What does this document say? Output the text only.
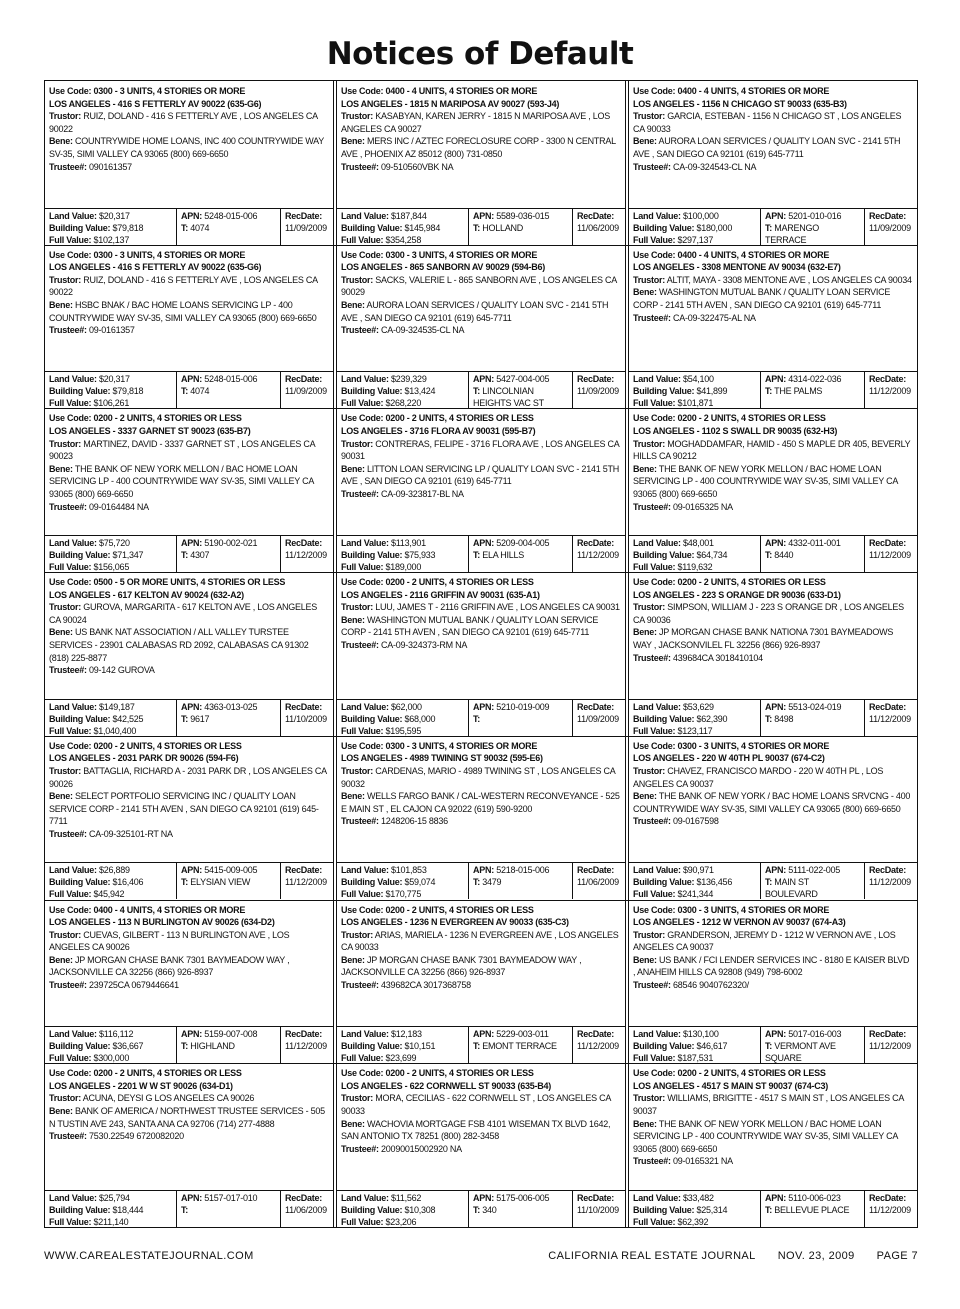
Notices of Default
Use Code: 0300 - 3 UNITS, 4 STORIES OR MORE
LOS ANGELES - 416 S FETTERLY AV 90022 (635-G6)
Trustor: RUIZ, DOLAND - 416 S FETTERLY AVE , LOS ANGELES CA 90022
Bene: COUNTRYWIDE HOME LOANS, INC 400 COUNTRYWIDE WAY SV-35, SIMI VALLEY CA 93065 (800) 669-6650
Trustee#: 090161357
Land Value: $20,317
Building Value: $79,818
Full Value: $102,137
APN: 5248-015-006
T: 4074
RecDate:
11/09/2009
Use Code: 0300 - 3 UNITS, 4 STORIES OR MORE
LOS ANGELES - 416 S FETTERLY AV 90022 (635-G6)
Trustor: RUIZ, DOLAND - 416 S FETTERLY AVE , LOS ANGELES CA 90022
Bene: HSBC BNAK / BAC HOME LOANS SERVICING LP - 400 COUNTRYWIDE WAY SV-35, SIMI VALLEY CA 93065 (800) 669-6650
Trustee#: 09-0161357
Land Value: $20,317
Building Value: $79,818
Full Value: $106,261
APN: 5248-015-006
T: 4074
RecDate:
11/09/2009
Use Code: 0200 - 2 UNITS, 4 STORIES OR LESS
LOS ANGELES - 3337 GARNET ST 90023 (635-B7)
Trustor: MARTINEZ, DAVID - 3337 GARNET ST , LOS ANGELES CA 90023
Bene: THE BANK OF NEW YORK MELLON / BAC HOME LOAN SERVICING LP - 400 COUNTRYWIDE WAY SV-35, SIMI VALLEY CA 93065 (800) 669-6650
Trustee#: 09-0164484 NA
Land Value: $75,720
Building Value: $71,347
Full Value: $156,065
APN: 5190-002-021
T: 4307
RecDate:
11/12/2009
Use Code: 0500 - 5 OR MORE UNITS, 4 STORIES OR LESS
LOS ANGELES - 617 KELTON AV 90024 (632-A2)
Trustor: GUROVA, MARGARITA - 617 KELTON AVE , LOS ANGELES CA 90024
Bene: US BANK NAT ASSOCIATION / ALL VALLEY TURSTEE SERVICES - 23901 CALABASAS RD 2092, CALABASAS CA 91302 (818) 225-8877
Trustee#: 09-142 GUROVA
Land Value: $149,187
Building Value: $42,525
Full Value: $1,040,400
APN: 4363-013-025
T: 9617
RecDate:
11/10/2009
Use Code: 0200 - 2 UNITS, 4 STORIES OR LESS
LOS ANGELES - 2031 PARK DR 90026 (594-F6)
Trustor: BATTAGLIA, RICHARD A - 2031 PARK DR , LOS ANGELES CA 90026
Bene: SELECT PORTFOLIO SERVICING INC / QUALITY LOAN SERVICE CORP - 2141 5TH AVEN , SAN DIEGO CA 92101 (619) 645-7711
Trustee#: CA-09-325101-RT NA
Land Value: $26,889
Building Value: $16,406
Full Value: $45,942
APN: 5415-009-005
T: ELYSIAN VIEW
RecDate:
11/12/2009
Use Code: 0400 - 4 UNITS, 4 STORIES OR MORE
LOS ANGELES - 113 N BURLINGTON AV 90026 (634-D2)
Trustor: CUEVAS, GILBERT - 113 N BURLINGTON AVE , LOS ANGELES CA 90026
Bene: JP MORGAN CHASE BANK 7301 BAYMEADOW WAY , JACKSONVILLE CA 32256 (866) 926-8937
Trustee#: 239725CA 0679446641
Land Value: $116,112
Building Value: $36,667
Full Value: $300,000
APN: 5159-007-008
T: HIGHLAND
RecDate:
11/12/2009
Use Code: 0200 - 2 UNITS, 4 STORIES OR LESS
LOS ANGELES - 2201 W W ST 90026 (634-D1)
Trustor: ACUNA, DEYSI G LOS ANGELES CA 90026
Bene: BANK OF AMERICA / NORTHWEST TRUSTEE SERVICES - 505 N TUSTIN AVE 243, SANTA ANA CA 92706 (714) 277-4888
Trustee#: 7530.22549 6720082020
Land Value: $25,794
Building Value: $18,444
Full Value: $211,140
APN: 5157-017-010
T:
RecDate:
11/06/2009
Use Code: 0400 - 4 UNITS, 4 STORIES OR MORE
LOS ANGELES - 1815 N MARIPOSA AV 90027 (593-J4)
Trustor: KASABYAN, KAREN JERRY - 1815 N MARIPOSA AVE , LOS ANGELES CA 90027
Bene: MERS INC / AZTEC FORECLOSURE CORP - 3300 N CENTRAL AVE , PHOENIX AZ 85012 (800) 731-0850
Trustee#: 09-510560VBK NA
Land Value: $187,844
Building Value: $145,984
Full Value: $354,258
APN: 5589-036-015
T: HOLLAND
RecDate:
11/06/2009
Use Code: 0300 - 3 UNITS, 4 STORIES OR MORE
LOS ANGELES - 865 SANBORN AV 90029 (594-B6)
Trustor: SACKS, VALERIE L - 865 SANBORN AVE , LOS ANGELES CA 90029
Bene: AURORA LOAN SERVICES / QUALITY LOAN SVC - 2141 5TH AVE , SAN DIEGO CA 92101 (619) 645-7711
Trustee#: CA-09-324535-CL NA
Land Value: $239,329
Building Value: $13,424
Full Value: $268,220
APN: 5427-004-005
T: LINCOLNIAN HEIGHTS VAC ST
RecDate:
11/09/2009
Use Code: 0200 - 2 UNITS, 4 STORIES OR LESS
LOS ANGELES - 3716 FLORA AV 90031 (595-B7)
Trustor: CONTRERAS, FELIPE - 3716 FLORA AVE , LOS ANGELES CA 90031
Bene: LITTON LOAN SERVICING LP / QUALITY LOAN SVC - 2141 5TH AVE , SAN DIEGO CA 92101 (619) 645-7711
Trustee#: CA-09-323817-BL NA
Land Value: $113,901
Building Value: $75,933
Full Value: $189,000
APN: 5209-004-005
T: ELA HILLS
RecDate:
11/12/2009
Use Code: 0200 - 2 UNITS, 4 STORIES OR LESS
LOS ANGELES - 2116 GRIFFIN AV 90031 (635-A1)
Trustor: LUU, JAMES T - 2116 GRIFFIN AVE , LOS ANGELES CA 90031
Bene: WASHINGTON MUTUAL BANK / QUALITY LOAN SERVICE CORP - 2141 5TH AVEN , SAN DIEGO CA 92101 (619) 645-7711
Trustee#: CA-09-324373-RM NA
Land Value: $62,000
Building Value: $68,000
Full Value: $195,595
APN: 5210-019-009
T:
RecDate:
11/09/2009
Use Code: 0300 - 3 UNITS, 4 STORIES OR MORE
LOS ANGELES - 4989 TWINING ST 90032 (595-E6)
Trustor: CARDENAS, MARIO - 4989 TWINING ST , LOS ANGELES CA 90032
Bene: WELLS FARGO BANK / CAL-WESTERN RECONVEYANCE - 525 E MAIN ST , EL CAJON CA 92022 (619) 590-9200
Trustee#: 1248206-15 8836
Land Value: $101,853
Building Value: $59,074
Full Value: $170,775
APN: 5218-015-006
T: 3479
RecDate:
11/06/2009
Use Code: 0200 - 2 UNITS, 4 STORIES OR LESS
LOS ANGELES - 1236 N EVERGREEN AV 90033 (635-C3)
Trustor: ARIAS, MARIELA - 1236 N EVERGREEN AVE , LOS ANGELES CA 90033
Bene: JP MORGAN CHASE BANK 7301 BAYMEADOW WAY , JACKSONVILLE CA 32256 (866) 926-8937
Trustee#: 439682CA 3017368758
Land Value: $12,183
Building Value: $10,151
Full Value: $23,699
APN: 5229-003-011
T: EMONT TERRACE
RecDate:
11/12/2009
Use Code: 0200 - 2 UNITS, 4 STORIES OR LESS
LOS ANGELES - 622 CORNWELL ST 90033 (635-B4)
Trustor: MORA, CECILIAS - 622 CORNWELL ST , LOS ANGELES CA 90033
Bene: WACHOVIA MORTGAGE FSB 4101 WISEMAN TX BLVD 1642, SAN ANTONIO TX 78251 (800) 282-3458
Trustee#: 20090015002920 NA
Land Value: $11,562
Building Value: $10,308
Full Value: $23,206
APN: 5175-006-005
T: 340
RecDate:
11/10/2009
Use Code: 0400 - 4 UNITS, 4 STORIES OR MORE
LOS ANGELES - 1156 N CHICAGO ST 90033 (635-B3)
Trustor: GARCIA, ESTEBAN - 1156 N CHICAGO ST , LOS ANGELES CA 90033
Bene: AURORA LOAN SERVICES / QUALITY LOAN SVC - 2141 5TH AVE , SAN DIEGO CA 92101 (619) 645-7711
Trustee#: CA-09-324543-CL NA
Land Value: $100,000
Building Value: $180,000
Full Value: $297,137
APN: 5201-010-016
T: MARENGO TERRACE
RecDate:
11/09/2009
Use Code: 0400 - 4 UNITS, 4 STORIES OR MORE
LOS ANGELES - 3308 MENTONE AV 90034 (632-E7)
Trustor: ALTIT, MAYA - 3308 MENTONE AVE , LOS ANGELES CA 90034
Bene: WASHINGTON MUTUAL BANK / QUALITY LOAN SERVICE CORP - 2141 5TH AVEN , SAN DIEGO CA 92101 (619) 645-7711
Trustee#: CA-09-322475-AL NA
Land Value: $54,100
Building Value: $41,899
Full Value: $101,871
APN: 4314-022-036
T: THE PALMS
RecDate:
11/12/2009
Use Code: 0200 - 2 UNITS, 4 STORIES OR LESS
LOS ANGELES - 1102 S SWALL DR 90035 (632-H3)
Trustor: MOGHADDAMFAR, HAMID - 450 S MAPLE DR 405, BEVERLY HILLS CA 90212
Bene: THE BANK OF NEW YORK MELLON / BAC HOME LOAN SERVICING LP - 400 COUNTRYWIDE WAY SV-35, SIMI VALLEY CA 93065 (800) 669-6650
Trustee#: 09-0165325 NA
Land Value: $48,001
Building Value: $64,734
Full Value: $119,632
APN: 4332-011-001
T: 8440
RecDate:
11/12/2009
Use Code: 0200 - 2 UNITS, 4 STORIES OR LESS
LOS ANGELES - 223 S ORANGE DR 90036 (633-D1)
Trustor: SIMPSON, WILLIAM J - 223 S ORANGE DR , LOS ANGELES CA 90036
Bene: JP MORGAN CHASE BANK NATIONA 7301 BAYMEADOWS WAY , JACKSONVILEL FL 32256 (866) 926-8937
Trustee#: 439684CA 3018410104
Land Value: $53,629
Building Value: $62,390
Full Value: $123,117
APN: 5513-024-019
T: 8498
RecDate:
11/12/2009
Use Code: 0300 - 3 UNITS, 4 STORIES OR MORE
LOS ANGELES - 220 W 40TH PL 90037 (674-C2)
Trustor: CHAVEZ, FRANCISCO MARDO - 220 W 40TH PL , LOS ANGELES CA 90037
Bene: THE BANK OF NEW YORK / BAC HOME LOANS SRVCNG - 400 COUNTRYWIDE WAY SV-35, SIMI VALLEY CA 93065 (800) 669-6650
Trustee#: 09-0167598
Land Value: $90,971
Building Value: $136,456
Full Value: $241,344
APN: 5111-022-005
T: MAIN ST BOULEVARD
RecDate:
11/12/2009
Use Code: 0300 - 3 UNITS, 4 STORIES OR MORE
LOS ANGELES - 1212 W VERNON AV 90037 (674-A3)
Trustor: GRANDERSON, JEREMY D - 1212 W VERNON AVE , LOS ANGELES CA 90037
Bene: US BANK / FCI LENDER SERVICES INC - 8180 E KAISER BLVD , ANAHEIM HILLS CA 92808 (949) 798-6002
Trustee#: 68546 9040762320/
Land Value: $130,100
Building Value: $46,617
Full Value: $187,531
APN: 5017-016-003
T: VERMONT AVE SQUARE
RecDate:
11/12/2009
Use Code: 0200 - 2 UNITS, 4 STORIES OR LESS
LOS ANGELES - 4517 S MAIN ST 90037 (674-C3)
Trustor: WILLIAMS, BRIGITTE - 4517 S MAIN ST , LOS ANGELES CA 90037
Bene: THE BANK OF NEW YORK MELLON / BAC HOME LOAN SERVICING LP - 400 COUNTRYWIDE WAY SV-35, SIMI VALLEY CA 93065 (800) 669-6650
Trustee#: 09-0165321 NA
Land Value: $33,482
Building Value: $25,314
Full Value: $62,392
APN: 5110-006-023
T: BELLEVUE PLACE
RecDate:
11/12/2009
WWW.CAREALESTATEJOURNAL.COM	CALIFORNIA REAL ESTATE JOURNAL NOV. 23, 2009 PAGE 7
